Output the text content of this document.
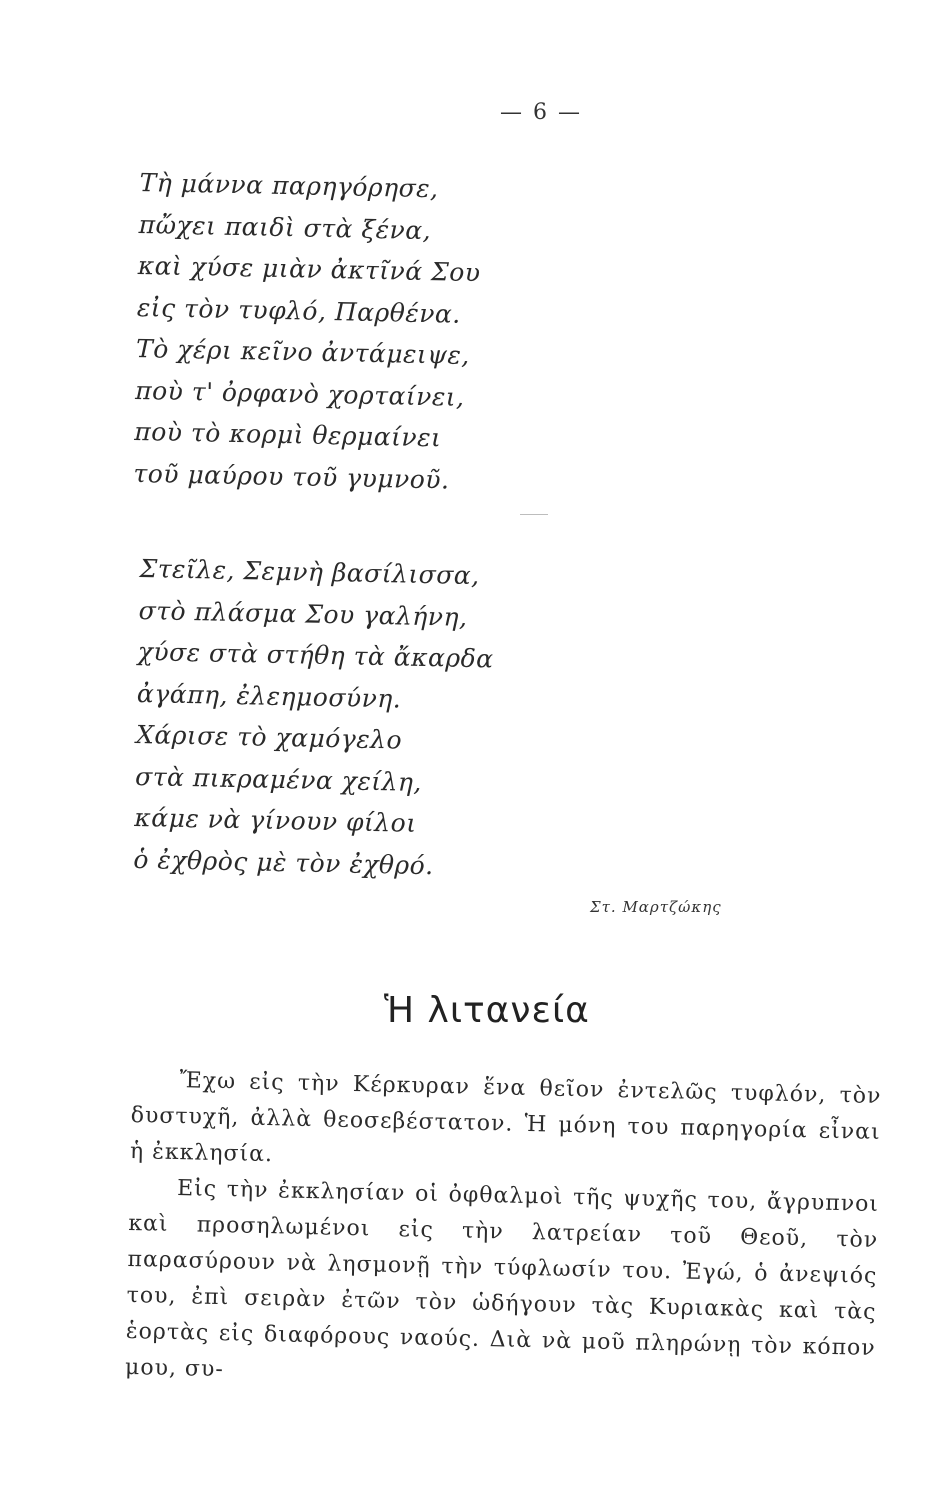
— 6 —
Τὴ μάννα παρηγόρησε,
πὤχει παιδὶ στὰ ξένα,
καὶ χύσε μιὰν ἀκτῖνά Σου
εἰς τὸν τυφλό, Παρθένα.
Τὸ χέρι κεῖνο ἀντάμειψε,
ποὺ τ' ὀρφανὸ χορταίνει,
ποὺ τὸ κορμὶ θερμαίνει
τοῦ μαύρου τοῦ γυμνοῦ.
Στεῖλε, Σεμνὴ βασίλισσα,
στὸ πλάσμα Σου γαλήνη,
χύσε στὰ στήθη τὰ ἄκαρδα
ἀγάπη, ἐλεημοσύνη.
Χάρισε τὸ χαμόγελο
στὰ πικραμένα χείλη,
κάμε νὰ γίνουν φίλοι
ὁ ἐχθρὸς μὲ τὸν ἐχθρό.
Στ. Μαρτζώκης
Ἡ λιτανεία

Ἔχω εἰς τὴν Κέρκυραν ἕνα θεῖον ἐντελῶς τυφλόν, τὸν δυστυχῆ, ἀλλὰ θεοσεβέστατον. Ἡ μόνη του παρηγορία εἶναι ἡ ἐκκλησία.

Εἰς τὴν ἐκκλησίαν οἱ ὀφθαλμοὶ τῆς ψυχῆς του, ἄγρυπνοι καὶ προσηλωμένοι εἰς τὴν λατρείαν τοῦ Θεοῦ, τὸν παρασύρουν νὰ λησμονῇ τὴν τύφλωσίν του. Ἐγώ, ὁ ἀνεψιός του, ἐπὶ σειρὰν ἐτῶν τὸν ὡδήγουν τὰς Κυριακὰς καὶ τὰς ἑορτὰς εἰς διαφόρους ναούς. Διὰ νὰ μοῦ πληρώνῃ τὸν κόπον μου, συ-
